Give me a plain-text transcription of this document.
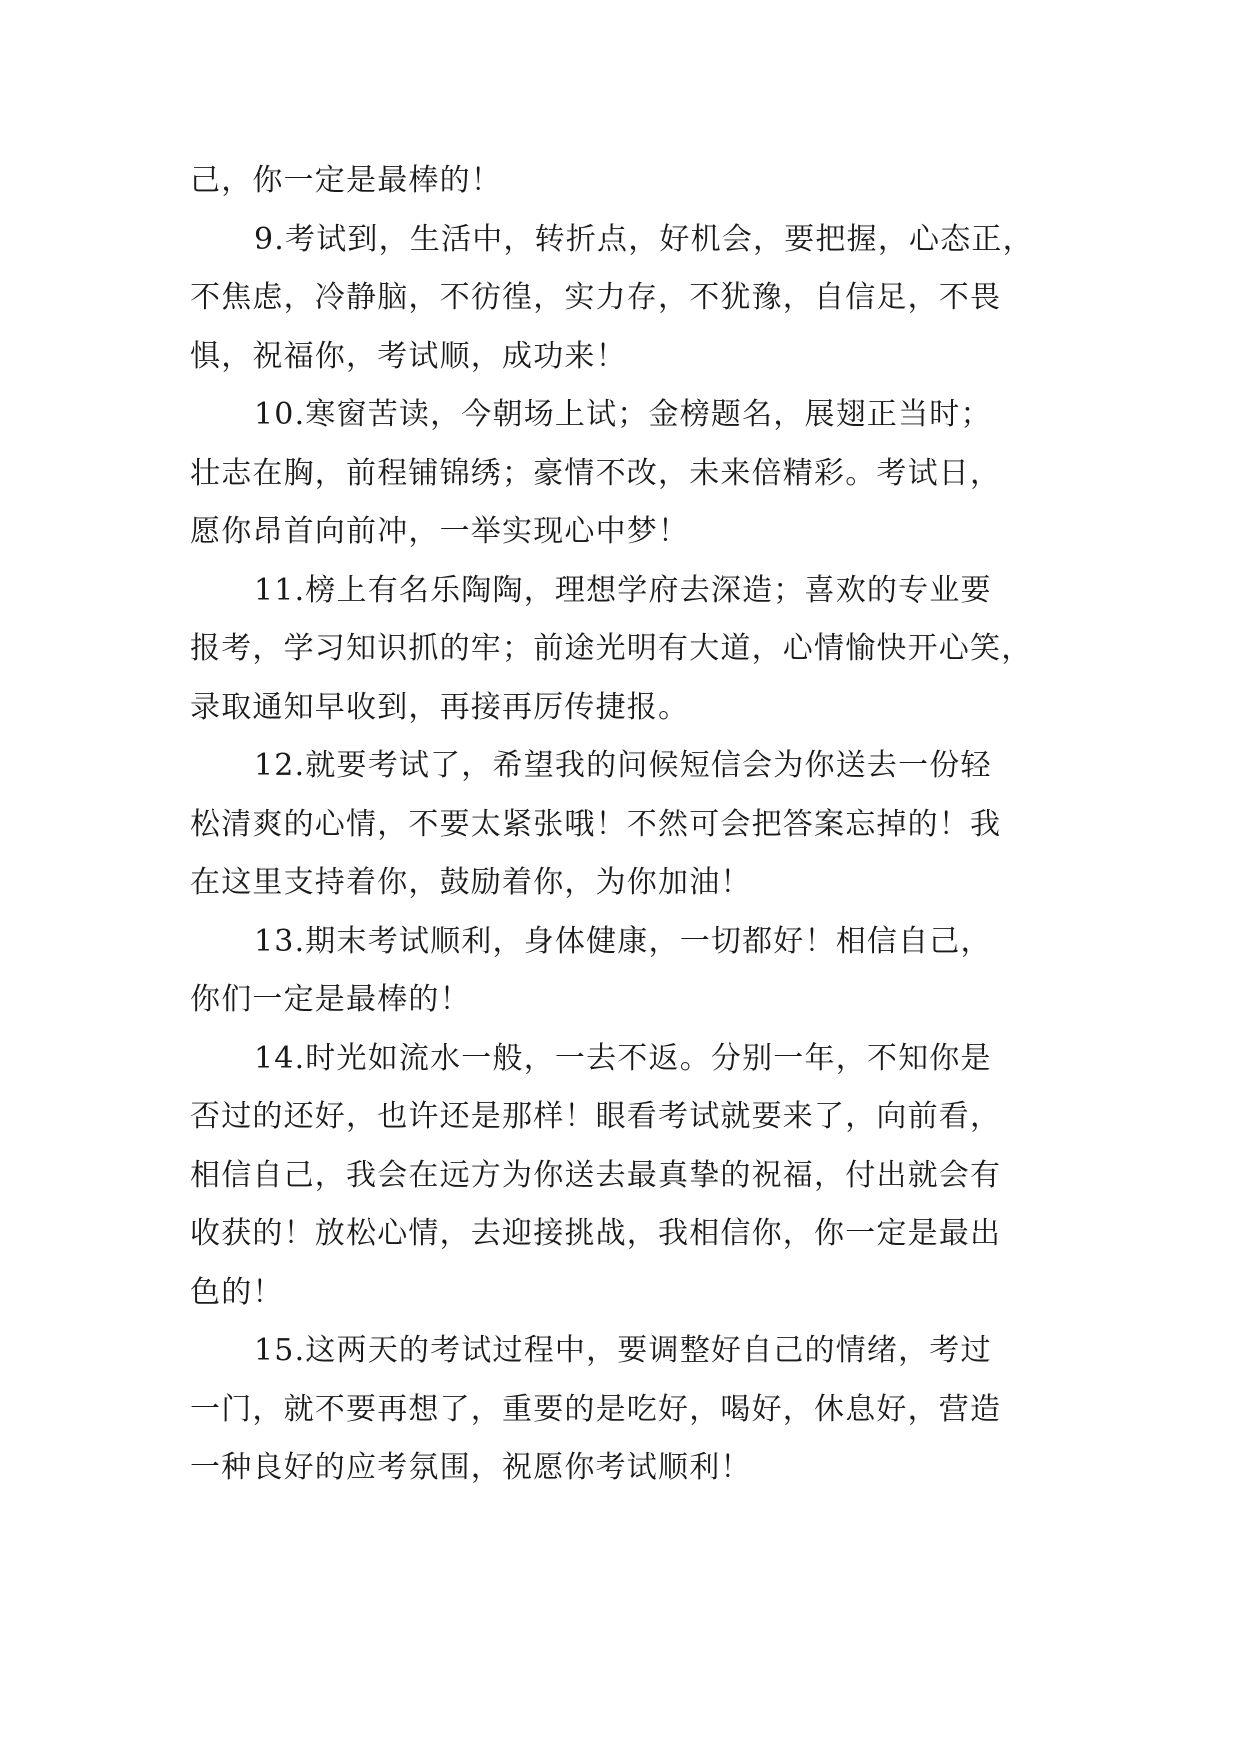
己，你一定是最棒的！
9.考试到，生活中，转折点，好机会，要把握，心态正，
不焦虑，冷静脑，不彷徨，实力存，不犹豫，自信足，不畏
惧，祝福你，考试顺，成功来！
10.寒窗苦读，今朝场上试；金榜题名，展翅正当时；
壮志在胸，前程铺锦绣；豪情不改，未来倍精彩。考试日，
愿你昂首向前冲，一举实现心中梦！
11.榜上有名乐陶陶，理想学府去深造；喜欢的专业要
报考，学习知识抓的牢；前途光明有大道，心情愉快开心笑，
录取通知早收到，再接再厉传捷报。
12.就要考试了，希望我的问候短信会为你送去一份轻
松清爽的心情，不要太紧张哦！不然可会把答案忘掉的！我
在这里支持着你，鼓励着你，为你加油！
13.期末考试顺利，身体健康，一切都好！相信自己，
你们一定是最棒的！
14.时光如流水一般，一去不返。分别一年，不知你是
否过的还好，也许还是那样！眼看考试就要来了，向前看，
相信自己，我会在远方为你送去最真挚的祝福，付出就会有
收获的！放松心情，去迎接挑战，我相信你，你一定是最出
色的！
15.这两天的考试过程中，要调整好自己的情绪，考过
一门，就不要再想了，重要的是吃好，喝好，休息好，营造
一种良好的应考氛围，祝愿你考试顺利！
